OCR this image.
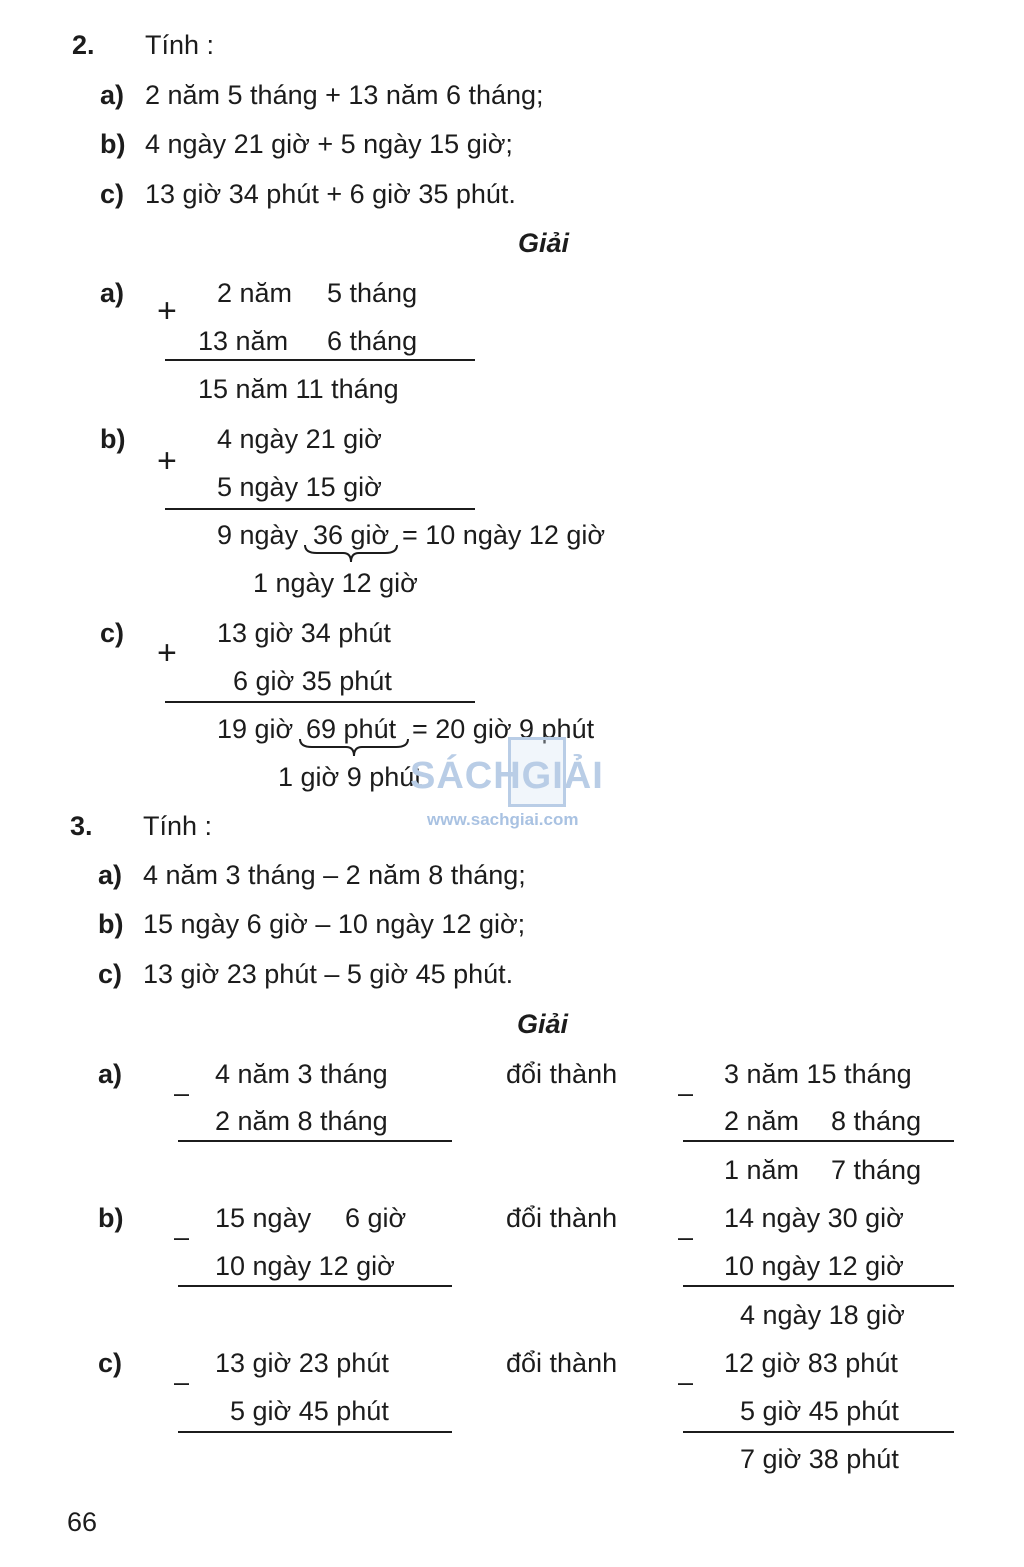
2. Tính :
a) 2 năm 5 tháng + 13 năm 6 tháng;
b) 4 ngày 21 giờ + 5 ngày 15 giờ;
c) 13 giờ 34 phút + 6 giờ 35 phút.
Giải
a) + 2 năm 5 tháng
13 năm 6 tháng
15 năm 11 tháng
b)
+
4 ngày 21 giờ
5 ngày 15 giờ
9 ngày 36 giờ = 10 ngày 12 giờ
1 ngày 12 giờ
c)
+
13 giờ 34 phút
6 giờ 35 phút
19 giờ 69 phút = 20 giờ 9 phút
1 giờ 9 phút
SÁCHGIẢI
www.sachgiai.com
3. Tính :
a) 4 năm 3 tháng – 2 năm 8 tháng;
b) 15 ngày 6 giờ – 10 ngày 12 giờ;
c) 13 giờ 23 phút – 5 giờ 45 phút.
Giải
a)
–
4 năm 3 tháng
2 năm 8 tháng
đổi thành
–
3 năm 15 tháng
2 năm 8 tháng
1 năm 7 tháng
b)
–
15 ngày 6 giờ
10 ngày 12 giờ
đổi thành
–
14 ngày 30 giờ
10 ngày 12 giờ
4 ngày 18 giờ
c)
–
13 giờ 23 phút
5 giờ 45 phút
đổi thành
–
12 giờ 83 phút
5 giờ 45 phút
7 giờ 38 phút
66
